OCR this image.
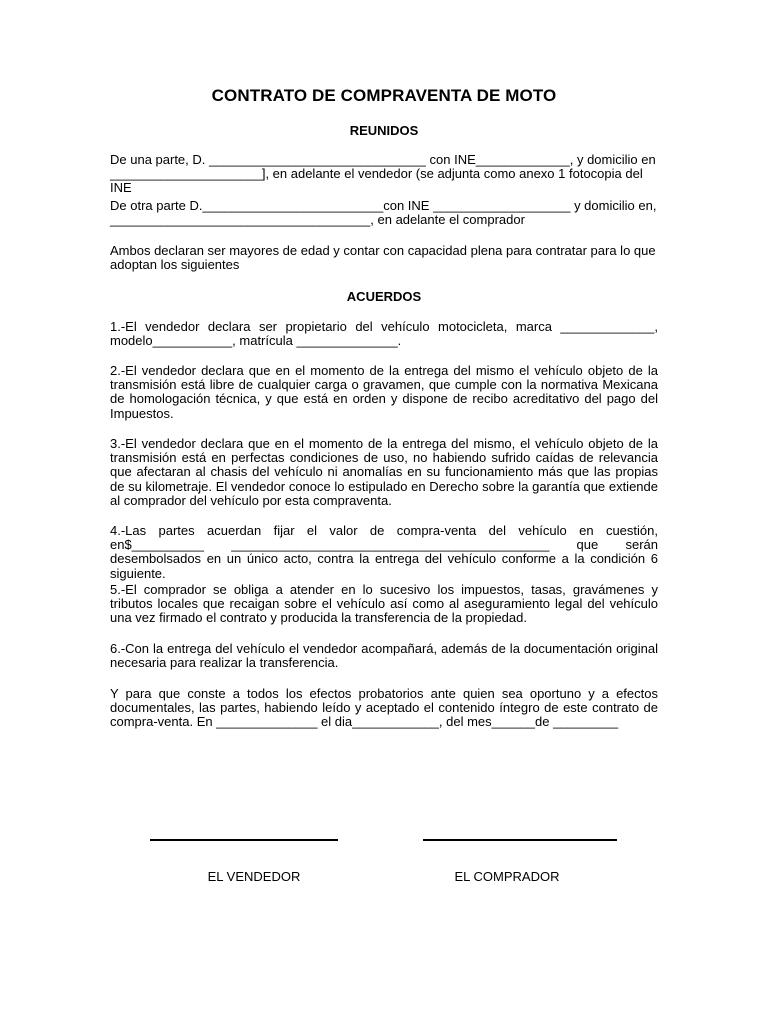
CONTRATO DE COMPRAVENTA DE MOTO
REUNIDOS

De una parte, D. ______________________________ con INE_____________, y domicilio en _____________________], en adelante el vendedor (se adjunta como anexo 1 fotocopia del INE

De otra parte D._________________________con INE ___________________ y domicilio en, ____________________________________, en adelante el comprador

Ambos declaran ser mayores de edad y contar con capacidad plena para contratar para lo que adoptan los siguientes

ACUERDOS

1.-El vendedor declara ser propietario del vehículo motocicleta, marca _____________, modelo___________, matrícula ______________.

2.-El vendedor declara que en el momento de la entrega del mismo el vehículo objeto de la transmisión está libre de cualquier carga o gravamen, que cumple con la normativa Mexicana de homologación técnica, y que está en orden y dispone de recibo acreditativo del pago del Impuestos.

3.-El vendedor declara que en el momento de la entrega del mismo, el vehículo objeto de la transmisión está en perfectas condiciones de uso, no habiendo sufrido caídas de relevancia que afectaran al chasis del vehículo ni anomalías en su funcionamiento más que las propias de su kilometraje. El vendedor conoce lo estipulado en Derecho sobre la garantía que extiende al comprador del vehículo por esta compraventa.

4.-Las partes acuerdan fijar el valor de compra-venta del vehículo en cuestión, en$__________ ____________________________________________ que serán desembolsados en un único acto, contra la entrega del vehículo conforme a la condición 6 siguiente.

5.-El comprador se obliga a atender en lo sucesivo los impuestos, tasas, gravámenes y tributos locales que recaigan sobre el vehículo así como al aseguramiento legal del vehículo una vez firmado el contrato y producida la transferencia de la propiedad.

6.-Con la entrega del vehículo el vendedor acompañará, además de la documentación original necesaria para realizar la transferencia.

Y para que conste a todos los efectos probatorios ante quien sea oportuno y a efectos documentales, las partes, habiendo leído y aceptado el contenido íntegro de este contrato de compra-venta. En ______________ el dia____________, del mes______de _________

EL VENDEDOR	EL COMPRADOR
